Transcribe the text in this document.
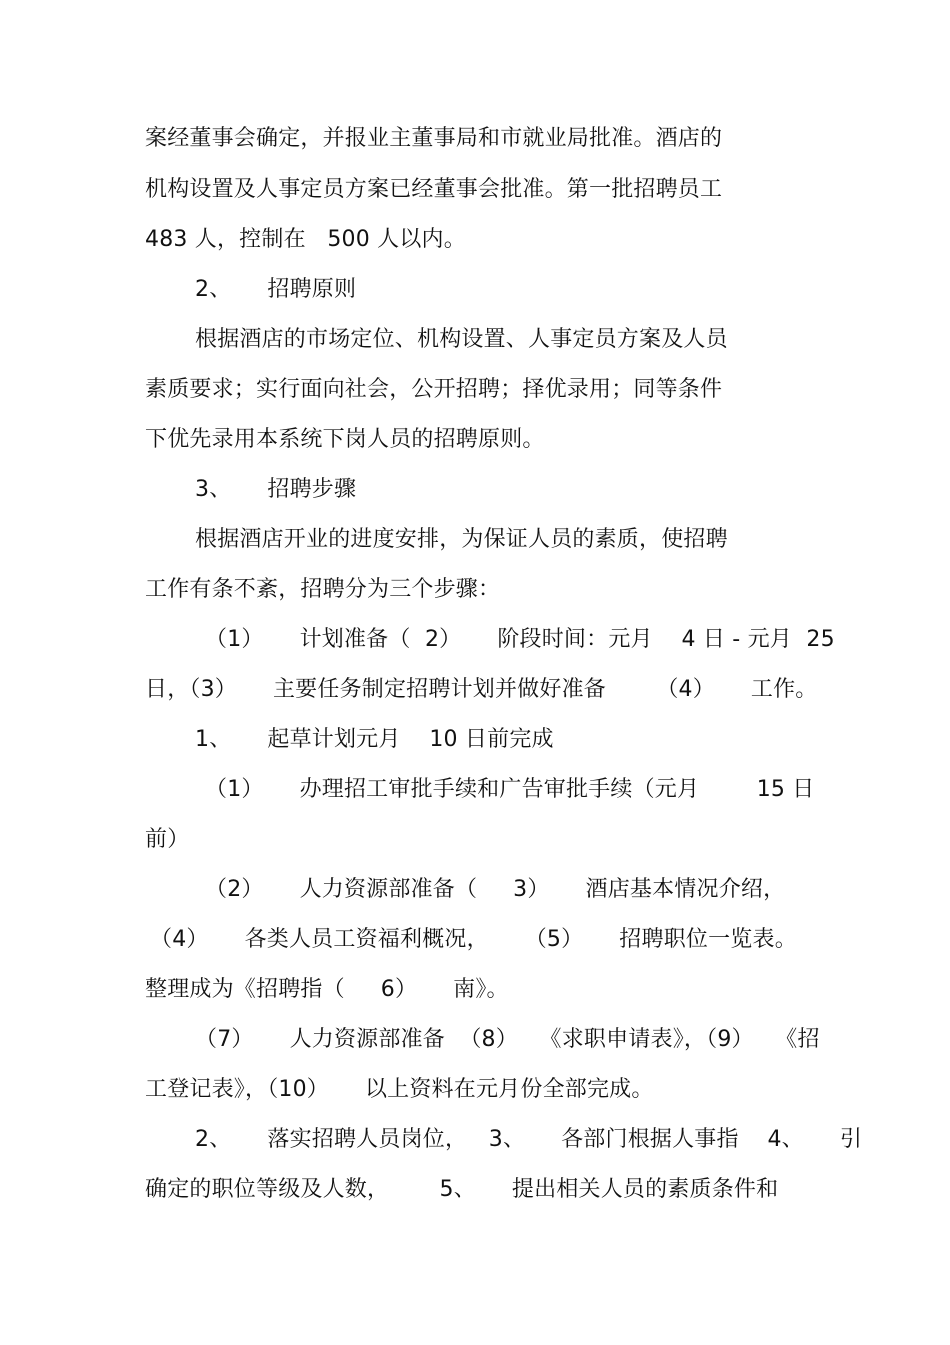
案经董事会确定，并报业主董事局和市就业局批准。酒店的
机构设置及人事定员方案已经董事会批准。第一批招聘员工
483 人，控制在   500 人以内。
2、     招聘原则
根据酒店的市场定位、机构设置、人事定员方案及人员
素质要求；实行面向社会，公开招聘；择优录用；同等条件
下优先录用本系统下岗人员的招聘原则。
3、     招聘步骤
根据酒店开业的进度安排，为保证人员的素质，使招聘
工作有条不紊，招聘分为三个步骤：
（1）     计划准备（  2）     阶段时间：元月    4 日 - 元月  25
日，（3）     主要任务制定招聘计划并做好准备       （4）     工作。
1、     起草计划元月    10 日前完成
（1）     办理招工审批手续和广告审批手续（元月        15 日
前）
（2）     人力资源部准备（     3）     酒店基本情况介绍，
（4）     各类人员工资福利概况，     （5）     招聘职位一览表。
整理成为《招聘指（     6）     南》。
（7）     人力资源部准备  （8）   《求职申请表》，（9）   《招
工登记表》，（10）     以上资料在元月份全部完成。
2、     落实招聘人员岗位，   3、     各部门根据人事指    4、     引
确定的职位等级及人数，       5、     提出相关人员的素质条件和
